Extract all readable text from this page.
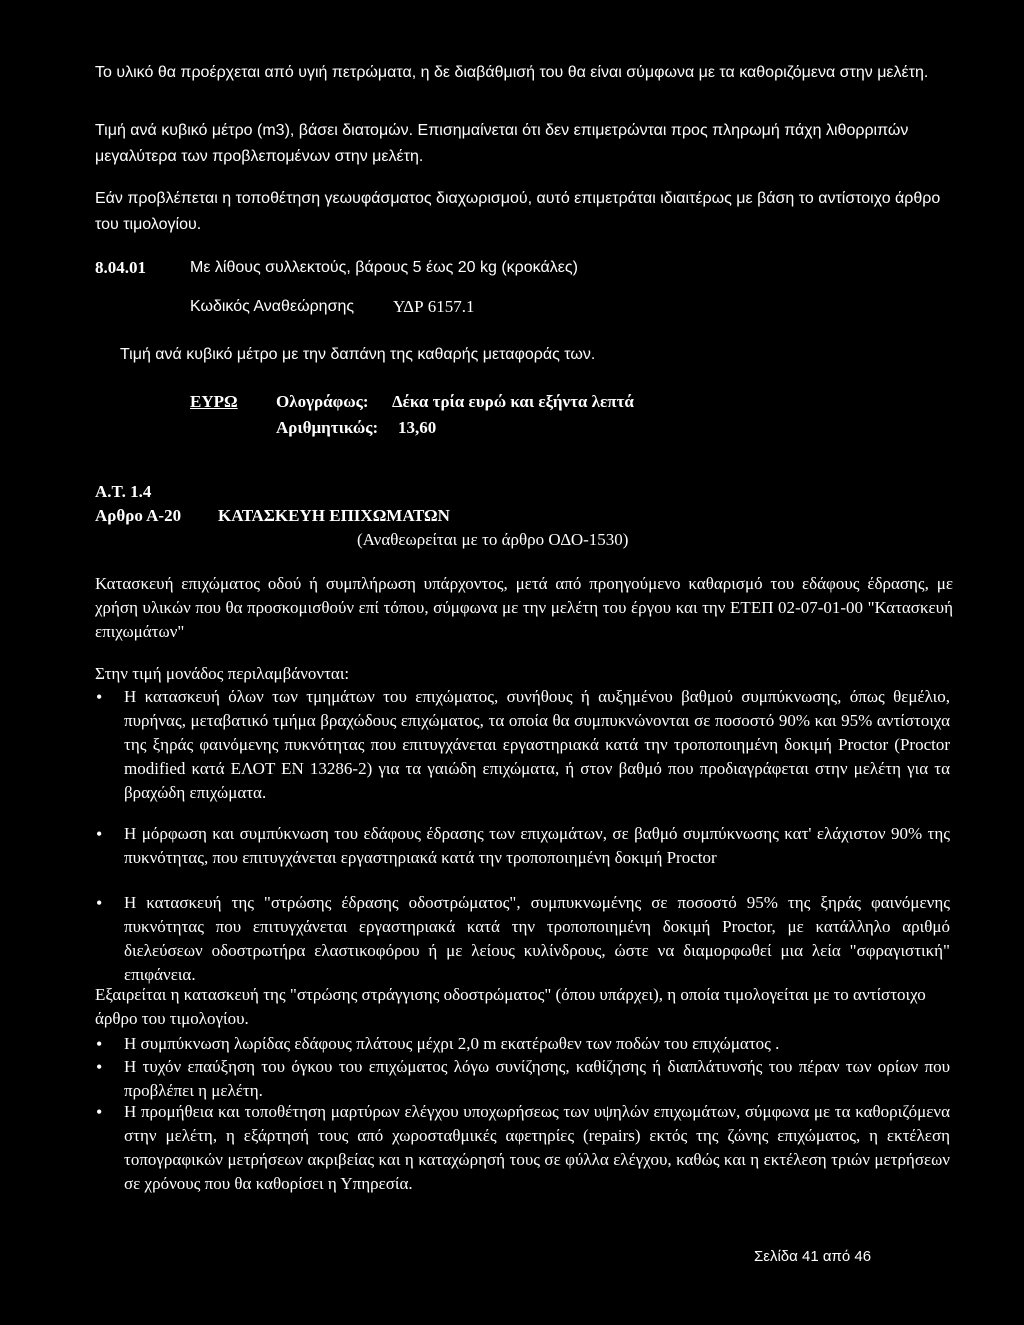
Το υλικό θα προέρχεται από υγιή πετρώματα, η δε διαβάθμισή του θα είναι σύμφωνα με τα καθοριζόμενα στην μελέτη.
Τιμή ανά κυβικό μέτρο (m3), βάσει διατομών. Επισημαίνεται ότι δεν επιμετρώνται προς πληρωμή πάχη λιθορριπών μεγαλύτερα των προβλεπομένων στην μελέτη.
Εάν προβλέπεται η τοποθέτηση γεωυφάσματος διαχωρισμού, αυτό επιμετράται ιδιαιτέρως με βάση το αντίστοιχο άρθρο του τιμολογίου.
8.04.01	Με λίθους συλλεκτούς, βάρους 5 έως 20 kg (κροκάλες)
Κωδικός Αναθεώρησης ΥΔΡ 6157.1
Τιμή ανά κυβικό μέτρο με την δαπάνη της καθαρής μεταφοράς των.
ΕΥΡΩ Ολογράφως: Δέκα τρία ευρώ και εξήντα λεπτά
Αριθμητικώς: 13,60
Α.Τ. 1.4
Αρθρο Α-20 ΚΑΤΑΣΚΕΥΗ ΕΠΙΧΩΜΑΤΩΝ
(Αναθεωρείται με το άρθρο ΟΔΟ-1530)
Κατασκευή επιχώματος οδού ή συμπλήρωση υπάρχοντος, μετά από προηγούμενο καθαρισμό του εδάφους έδρασης, με χρήση υλικών που θα προσκομισθούν επί τόπου, σύμφωνα με την μελέτη του έργου και την ΕΤΕΠ 02-07-01-00 "Κατασκευή επιχωμάτων"
Στην τιμή μονάδος περιλαμβάνονται:
• Η κατασκευή όλων των τμημάτων του επιχώματος, συνήθους ή αυξημένου βαθμού συμπύκνωσης, όπως θεμέλιο, πυρήνας, μεταβατικό τμήμα βραχώδους επιχώματος, τα οποία θα συμπυκνώνονται σε ποσοστό 90% και 95% αντίστοιχα της ξηράς φαινόμενης πυκνότητας που επιτυγχάνεται εργαστηριακά κατά την τροποποιημένη δοκιμή Proctor (Proctor modified κατά ΕΛΟΤ ΕΝ 13286-2) για τα γαιώδη επιχώματα, ή στον βαθμό που προδιαγράφεται στην μελέτη για τα βραχώδη επιχώματα.
• Η μόρφωση και συμπύκνωση του εδάφους έδρασης των επιχωμάτων, σε βαθμό συμπύκνωσης κατ' ελάχιστον 90% της πυκνότητας, που επιτυγχάνεται εργαστηριακά κατά την τροποποιημένη δοκιμή Proctor
• Η κατασκευή της "στρώσης έδρασης οδοστρώματος", συμπυκνωμένης σε ποσοστό 95% της ξηράς φαινόμενης πυκνότητας που επιτυγχάνεται εργαστηριακά κατά την τροποποιημένη δοκιμή Proctor, με κατάλληλο αριθμό διελεύσεων οδοστρωτήρα ελαστικοφόρου ή με λείους κυλίνδρους, ώστε να διαμορφωθεί μια λεία "σφραγιστική" επιφάνεια.
Εξαιρείται η κατασκευή της "στρώσης στράγγισης οδοστρώματος" (όπου υπάρχει), η οποία τιμολογείται με το αντίστοιχο άρθρο του τιμολογίου.
• Η συμπύκνωση λωρίδας εδάφους πλάτους μέχρι 2,0 m εκατέρωθεν των ποδών του επιχώματος .
• Η τυχόν επαύξηση του όγκου του επιχώματος λόγω συνίζησης, καθίζησης ή διαπλάτυνσής του πέραν των ορίων που προβλέπει η μελέτη.
• Η προμήθεια και τοποθέτηση μαρτύρων ελέγχου υποχωρήσεως των υψηλών επιχωμάτων, σύμφωνα με τα καθοριζόμενα στην μελέτη, η εξάρτησή τους από χωροσταθμικές αφετηρίες (repairs) εκτός της ζώνης επιχώματος, η εκτέλεση τοπογραφικών μετρήσεων ακριβείας και η καταχώρησή τους σε φύλλα ελέγχου, καθώς και η εκτέλεση τριών μετρήσεων σε χρόνους που θα καθορίσει η Υπηρεσία.
Σελίδα 41 από 46
